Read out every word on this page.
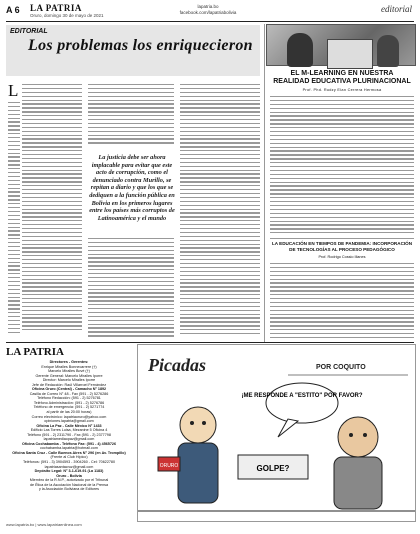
A 6 LA PATRIA
Oruro, domingo 30 de mayo de 2021
lapatria.bo
facebook.com/lapatriabolivia	editorial
EDITORIAL
Los problemas los enriquecieron
L
La justicia debe ser ahora implacable para evitar que este acto de corrupción, como el denunciado contra Murillo, se repitan a diario y que los que se dediquen a la función pública en Bolivia en los primeros lugares entre los países más corruptos de Latinoamérica y el mundo
EL M-LEARNING EN NUESTRA REALIDAD EDUCATIVA PLURINACIONAL
Prof. Phd. Rudzy Elan Cerrera Hermosa
LA EDUCACIÓN EN TIEMPOS DE PANDEMIA: INCORPORACIÓN DE TECNOLOGÍAS AL PROCESO PEDAGÓGICO
Prof. Rodrigo Cossio Illanes
LA PATRIA
Directores - Gerentes:
Enrique Miralles Bonnecarrere (†)
Marcelo Miralles Bové (†)
Gerente General: Marcelo Miralles Iporre
Director: Marcelo Miralles Iporre
Jefe de Redacción: Raúl Villarroel Fernández
Oficina Oruro (Central) - Camacho N° 1892
Casilla de Correo N° 48 - Fax (591 - 2) 5276286
Teléfono Redacción: (591 - 2) 5276781
Teléfono Administración: (591 - 2) 5276786
Teléfono de emergencia: (591 - 2) 5271774
al partir de las 20:00 horas)
Correo electrónico: lapatriaoruro@yahoo.com
opiniones.lapatria@gmail.com
Oficina La Paz - Calle México N° 1433
Edificio Las Torres Luisa, Mezanine 5 Oficina 4
Teléfono (591 - 2) 2311790 - Fax (591 - 2) 2377798
lapatriamediaopaz@gmail.com
Oficina Cochabamba - Teléfono Fax: (591 - 4) 4565726
cochabamba.lapatria@hotmail.com
Oficina Santa Cruz - Calle Buenos Aires N° 296 (en Av. Trompillo)
(Frente al Club Hípico)
Teléfonos: (591 - 3) 3904593 - 3904260 - Cel: 70622780
lapatriasantacruz@gmail.com
Depósito Legal: N° 3-1-619-91 (La 1183)
Oruro - Bolivia
Miembro de la R.N.P., autorizado por el Tribunal
de Ética de la Asociación Nacional de la Prensa
y la Asociación Boliviana de Editores
Picadas	POR COQUITO
¡ME RESPONDE A "ESTITO" POR FAVOR?
ORURO	GOLPE?
www.lapatria.bo | www.lapatriaenlinea.com
